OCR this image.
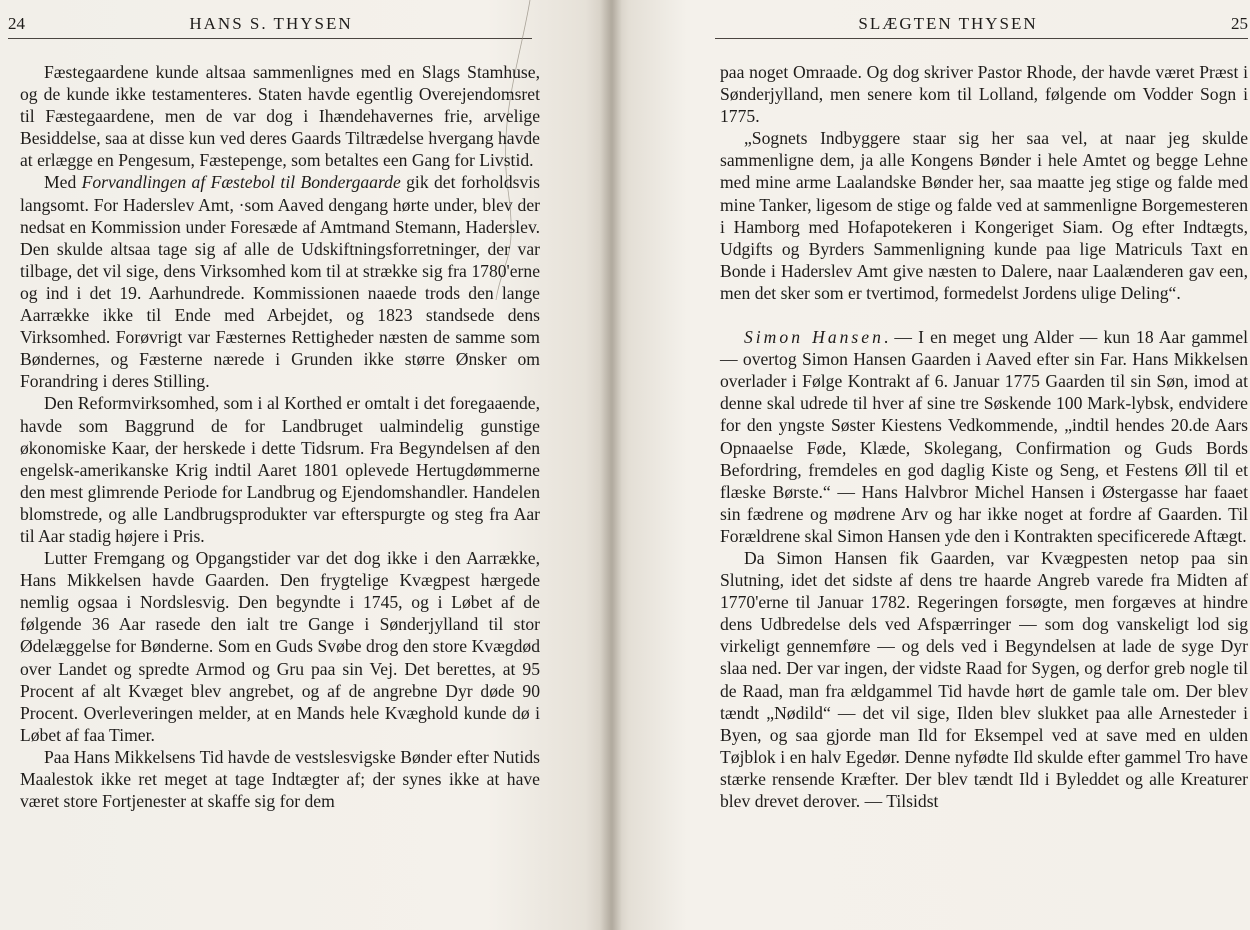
24	HANS S. THYSEN

Fæstegaardene kunde altsaa sammenlignes med en Slags Stamhuse, og de kunde ikke testamenteres. Staten havde egentlig Overejendomsret til Fæstegaardene, men de var dog i Ihændehavernes frie, arvelige Besiddelse, saa at disse kun ved deres Gaards Tiltrædelse hvergang havde at erlægge en Pengesum, Fæstepenge, som betaltes een Gang for Livstid.

Med Forvandlingen af Fæstebol til Bondergaarde gik det forholdsvis langsomt. For Haderslev Amt, ·som Aaved dengang hørte under, blev der nedsat en Kommission under Foresæde af Amtmand Stemann, Haderslev. Den skulde altsaa tage sig af alle de Udskiftningsforretninger, der var tilbage, det vil sige, dens Virksomhed kom til at strække sig fra 1780'erne og ind i det 19. Aarhundrede. Kommissionen naaede trods den lange Aarrække ikke til Ende med Arbejdet, og 1823 standsede dens Virksomhed. Forøvrigt var Fæsternes Rettigheder næsten de samme som Bøndernes, og Fæsterne nærede i Grunden ikke større Ønsker om Forandring i deres Stilling.

Den Reformvirksomhed, som i al Korthed er omtalt i det foregaaende, havde som Baggrund de for Landbruget ualmindelig gunstige økonomiske Kaar, der herskede i dette Tidsrum. Fra Begyndelsen af den engelsk-amerikanske Krig indtil Aaret 1801 oplevede Hertugdømmerne den mest glimrende Periode for Landbrug og Ejendomshandler. Handelen blomstrede, og alle Landbrugsprodukter var efterspurgte og steg fra Aar til Aar stadig højere i Pris.

Lutter Fremgang og Opgangstider var det dog ikke i den Aarrække, Hans Mikkelsen havde Gaarden. Den frygtelige Kvægpest hærgede nemlig ogsaa i Nordslesvig. Den begyndte i 1745, og i Løbet af de følgende 36 Aar rasede den ialt tre Gange i Sønderjylland til stor Ødelæggelse for Bønderne. Som en Guds Svøbe drog den store Kvægdød over Landet og spredte Armod og Gru paa sin Vej. Det berettes, at 95 Procent af alt Kvæget blev angrebet, og af de angrebne Dyr døde 90 Procent. Overleveringen melder, at en Mands hele Kvæghold kunde dø i Løbet af faa Timer.

Paa Hans Mikkelsens Tid havde de vestslesvigske Bønder efter Nutids Maalestok ikke ret meget at tage Indtægter af; der synes ikke at have været store Fortjenester at skaffe sig for dem

SLÆGTEN THYSEN	25

paa noget Omraade. Og dog skriver Pastor Rhode, der havde været Præst i Sønderjylland, men senere kom til Lolland, følgende om Vodder Sogn i 1775.

„Sognets Indbyggere staar sig her saa vel, at naar jeg skulde sammenligne dem, ja alle Kongens Bønder i hele Amtet og begge Lehne med mine arme Laalandske Bønder her, saa maatte jeg stige og falde med mine Tanker, ligesom de stige og falde ved at sammenligne Borgemesteren i Hamborg med Hofapotekeren i Kongeriget Siam. Og efter Indtægts, Udgifts og Byrders Sammenligning kunde paa lige Matriculs Taxt en Bonde i Haderslev Amt give næsten to Dalere, naar Laalænderen gav een, men det sker som er tvertimod, formedelst Jordens ulige Deling“.

Simon Hansen. — I en meget ung Alder — kun 18 Aar gammel — overtog Simon Hansen Gaarden i Aaved efter sin Far. Hans Mikkelsen overlader i Følge Kontrakt af 6. Januar 1775 Gaarden til sin Søn, imod at denne skal udrede til hver af sine tre Søskende 100 Mark-lybsk, endvidere for den yngste Søster Kiestens Vedkommende, „indtil hendes 20.de Aars Opnaaelse Føde, Klæde, Skolegang, Confirmation og Guds Bords Befordring, fremdeles en god daglig Kiste og Seng, et Festens Øll til et flæske Børste.“ — Hans Halvbror Michel Hansen i Østergasse har faaet sin fædrene og mødrene Arv og har ikke noget at fordre af Gaarden. Til Forældrene skal Simon Hansen yde den i Kontrakten specificerede Aftægt.

Da Simon Hansen fik Gaarden, var Kvægpesten netop paa sin Slutning, idet det sidste af dens tre haarde Angreb varede fra Midten af 1770'erne til Januar 1782. Regeringen forsøgte, men forgæves at hindre dens Udbredelse dels ved Afspærringer — som dog vanskeligt lod sig virkeligt gennemføre — og dels ved i Begyndelsen at lade de syge Dyr slaa ned. Der var ingen, der vidste Raad for Sygen, og derfor greb nogle til de Raad, man fra ældgammel Tid havde hørt de gamle tale om. Der blev tændt „Nødild“ — det vil sige, Ilden blev slukket paa alle Arnesteder i Byen, og saa gjorde man Ild for Eksempel ved at save med en ulden Tøjblok i en halv Egedør. Denne nyfødte Ild skulde efter gammel Tro have stærke rensende Kræfter. Der blev tændt Ild i Byleddet og alle Kreaturer blev drevet derover. — Tilsidst
